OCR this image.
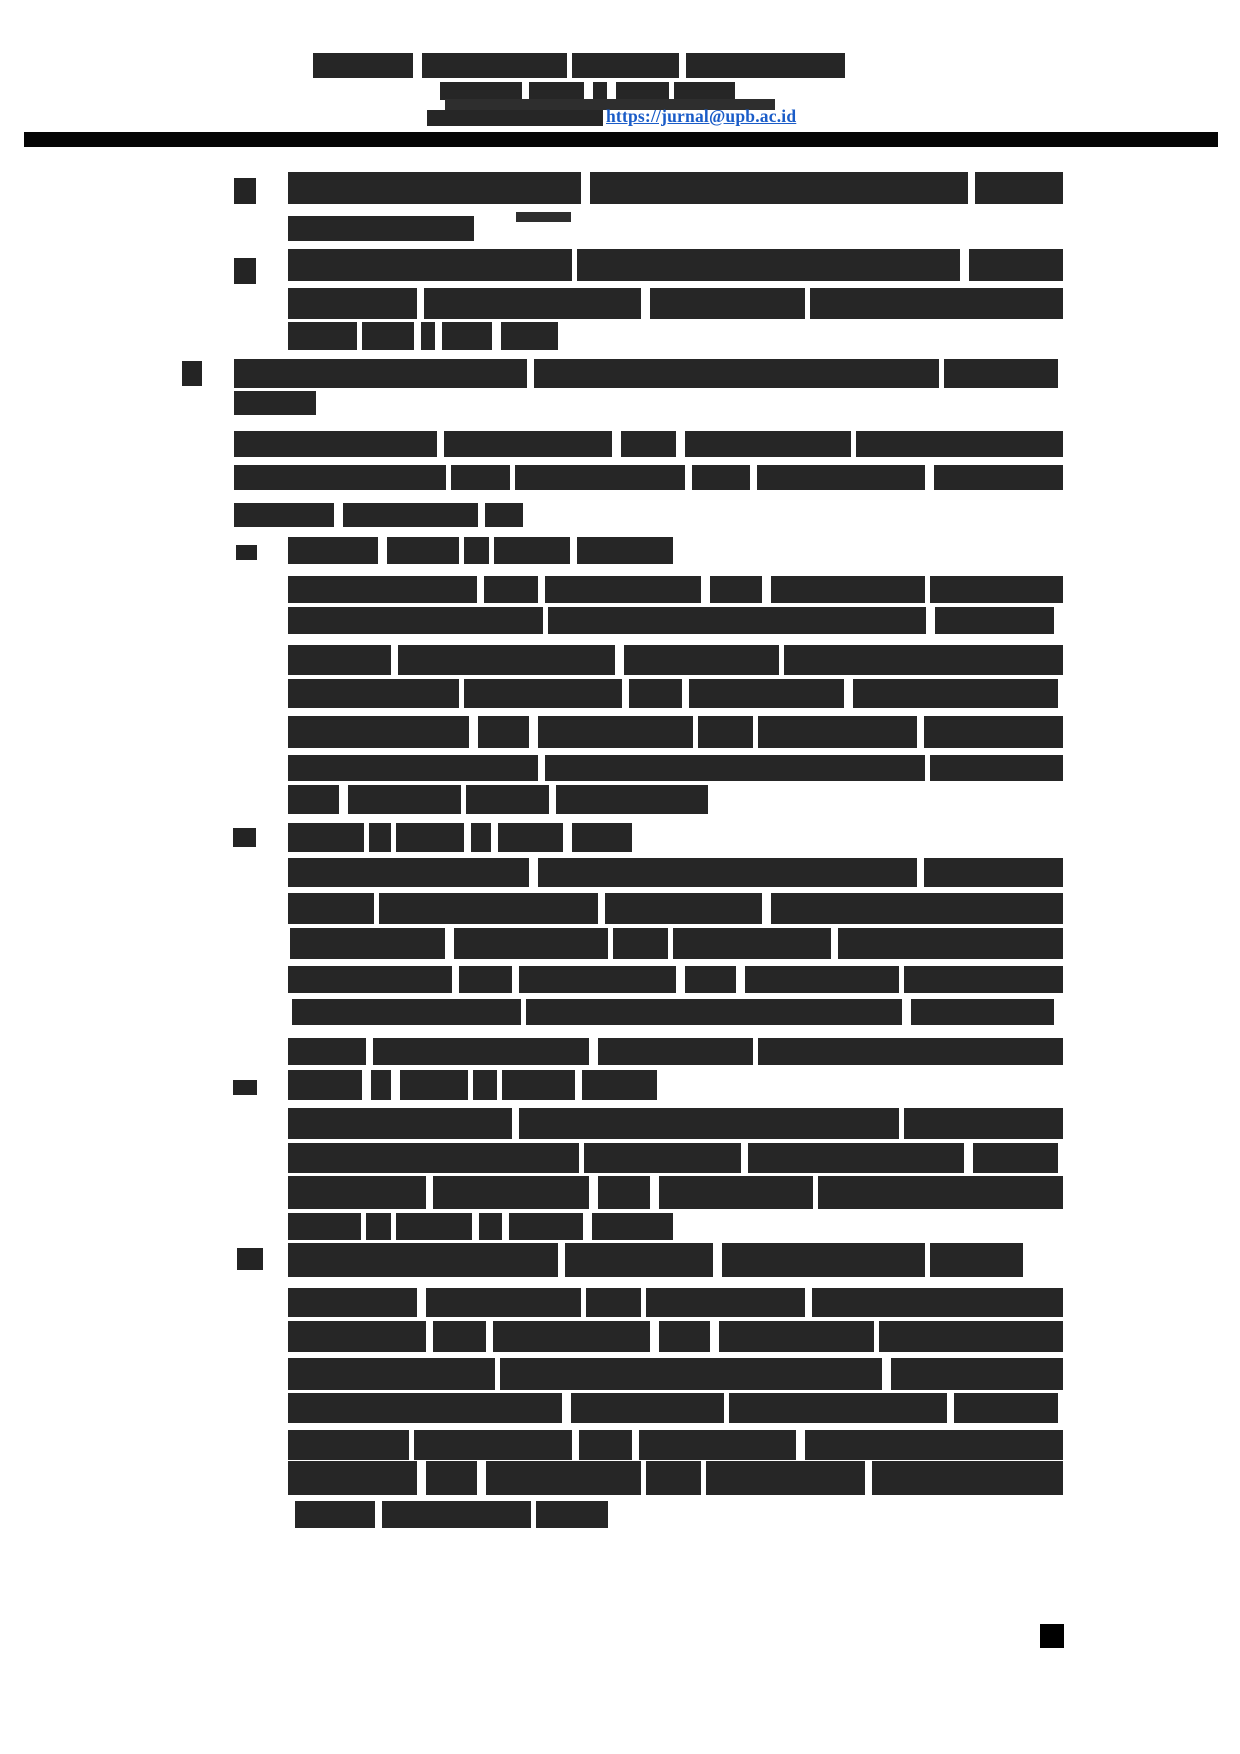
https://jurnal@upb.ac.id
